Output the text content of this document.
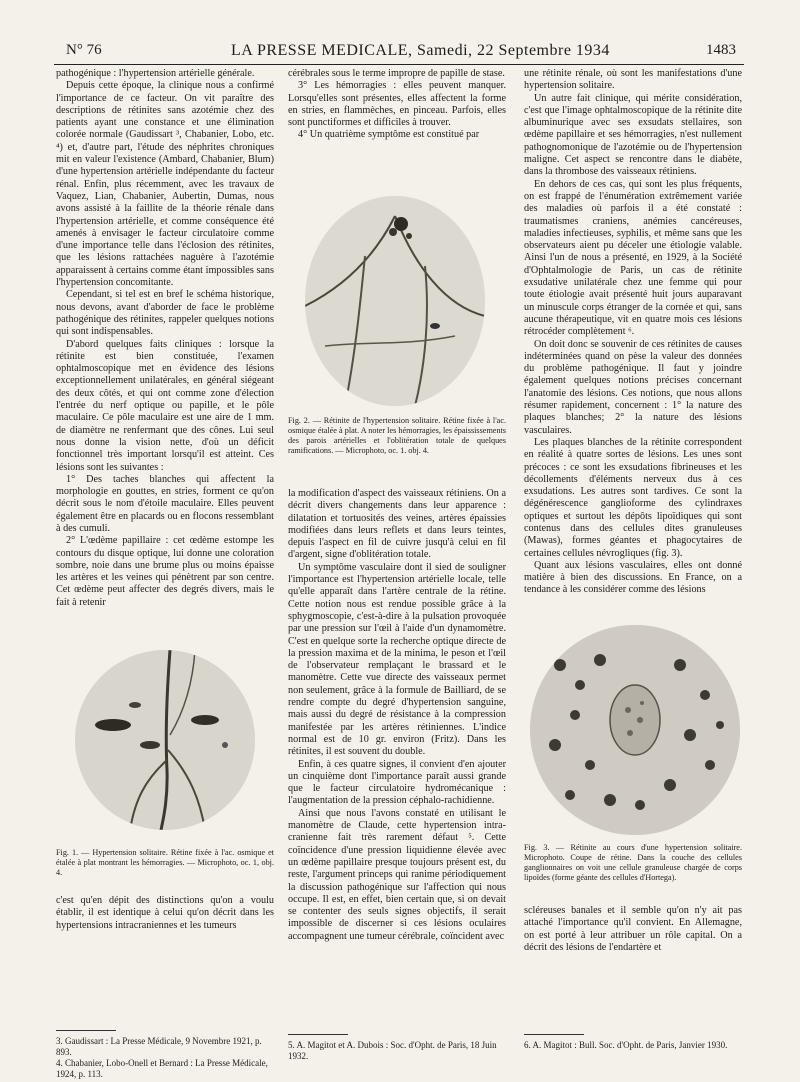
N° 76	LA PRESSE MEDICALE, Samedi, 22 Septembre 1934	1483

pathogénique : l'hypertension artérielle générale.

Depuis cette époque, la clinique nous a confirmé l'importance de ce facteur. On vit paraître des descriptions de rétinites sans azotémie chez des patients ayant une constance et une élimination colorée normale (Gaudissart ³, Chabanier, Lobo, etc. ⁴) et, d'autre part, l'étude des néphrites chroniques mit en valeur l'existence (Ambard, Chabanier, Blum) d'une hypertension artérielle indépendante du facteur rénal. Enfin, plus récemment, avec les travaux de Vaquez, Lian, Chabanier, Aubertin, Dumas, nous avons assisté à la faillite de la théorie rénale dans l'hypertension artérielle, et comme conséquence été amenés à envisager le facteur circulatoire comme d'une importance telle dans l'éclosion des rétinites, que les lésions rattachées naguère à l'azotémie apparaissent à certains comme étant impossibles sans l'hypertension concomitante.

Cependant, si tel est en bref le schéma historique, nous devons, avant d'aborder de face le problème pathogénique des rétinites, rappeler quelques notions qui sont indispensables.

D'abord quelques faits cliniques : lorsque la rétinite est bien constituée, l'examen ophtalmoscopique met en évidence des lésions exceptionnellement unilatérales, en général siégeant des deux côtés, et qui ont comme zone d'élection l'entrée du nerf optique ou papille, et le pôle maculaire. Ce pôle maculaire est une aire de 1 mm. de diamètre ne renfermant que des cônes. Lui seul nous donne la vision nette, d'où un déficit fonctionnel très important lorsqu'il est atteint. Ces lésions sont les suivantes :

1° Des taches blanches qui affectent la morphologie en gouttes, en stries, forment ce qu'on décrit sous le nom d'étoile maculaire. Elles peuvent également être en placards ou en flocons ressemblant à des cumuli.

2° L'œdème papillaire : cet œdème estompe les contours du disque optique, lui donne une coloration sombre, noie dans une brume plus ou moins épaisse les artères et les veines qui pénètrent par son centre. Cet œdème peut affecter des degrés divers, mais le fait à retenir

Fig. 1. — Hypertension solitaire. Rétine fixée à l'ac. osmique et étalée à plat montrant les hémorragies. — Microphoto, oc. 1, obj. 4.
c'est qu'en dépit des distinctions qu'on a voulu établir, il est identique à celui qu'on décrit dans les hypertensions intracraniennes et les tumeurs
3. Gaudissart : La Presse Médicale, 9 Novembre 1921, p. 893.
4. Chabanier, Lobo-Onell et Bernard : La Presse Médicale, 1924, p. 113.

cérébrales sous le terme impropre de papille de stase.

3° Les hémorragies : elles peuvent manquer. Lorsqu'elles sont présentes, elles affectent la forme en stries, en flammèches, en pinceau. Parfois, elles sont punctiformes et difficiles à trouver.

4° Un quatrième symptôme est constitué par

Fig. 2. — Rétinite de l'hypertension solitaire. Rétine fixée à l'ac. osmique étalée à plat. A noter les hémorragies, les épaississements des parois artérielles et l'oblitération totale de quelques ramifications. — Microphoto, oc. 1. obj. 4.

la modification d'aspect des vaisseaux rétiniens. On a décrit divers changements dans leur apparence : dilatation et tortuosités des veines, artères épaissies modifiées dans leurs reflets et dans leurs teintes, depuis l'aspect en fil de cuivre jusqu'à celui en fil d'argent, signe d'oblitération totale.

Un symptôme vasculaire dont il sied de souligner l'importance est l'hypertension artérielle locale, telle qu'elle apparaît dans l'artère centrale de la rétine. Cette notion nous est rendue possible grâce à la sphygmoscopie, c'est-à-dire à la pulsation provoquée par une pression sur l'œil à l'aide d'un dynamomètre. C'est en quelque sorte la recherche optique directe de la pression maxima et de la minima, le peson et l'œil de l'observateur remplaçant le brassard et le manomètre. Cette vue directe des vaisseaux permet non seulement, grâce à la formule de Bailliard, de se rendre compte du degré d'hypertension sanguine, mais aussi du degré de résistance à la compression manifestée par les artères rétiniennes. L'indice normal est de 10 gr. environ (Fritz). Dans les rétinites, il est souvent du double.

Enfin, à ces quatre signes, il convient d'en ajouter un cinquième dont l'importance paraît aussi grande que le facteur circulatoire hydromécanique : l'augmentation de la pression céphalo-rachidienne.

Ainsi que nous l'avons constaté en utilisant le manomètre de Claude, cette hypertension intra-cranienne fait très rarement défaut ⁵. Cette coïncidence d'une pression liquidienne élevée avec un œdème papillaire presque toujours présent est, du reste, l'argument princeps qui ranime périodiquement la discussion pathogénique sur l'affection qui nous occupe. Il est, en effet, bien certain que, si on devait se contenter des seuls signes objectifs, il serait impossible de discerner si ces lésions oculaires accompagnent une tumeur cérébrale, coïncident avec

5. A. Magitot et A. Dubois : Soc. d'Opht. de Paris, 18 Juin 1932.

une rétinite rénale, où sont les manifestations d'une hypertension solitaire.

Un autre fait clinique, qui mérite considération, c'est que l'image ophtalmoscopique de la rétinite dite albuminurique avec ses exsudats stellaires, son œdème papillaire et ses hémorragies, n'est nullement pathognomonique de l'azotémie ou de l'hypertension maligne. Cet aspect se rencontre dans le diabète, dans la thrombose des vaisseaux rétiniens.

En dehors de ces cas, qui sont les plus fréquents, on est frappé de l'énumération extrêmement variée des maladies où parfois il a été constaté : traumatismes craniens, anémies cancéreuses, maladies infectieuses, syphilis, et même sans que les observateurs aient pu déceler une étiologie valable. Ainsi l'un de nous a présenté, en 1929, à la Société d'Ophtalmologie de Paris, un cas de rétinite exsudative unilatérale chez une femme qui pour toute étiologie avait présenté huit jours auparavant un minuscule corps étranger de la cornée et qui, sans aucune thérapeutique, vit en quatre mois ces lésions rétrocéder complètement ⁶.

On doit donc se souvenir de ces rétinites de causes indéterminées quand on pèse la valeur des données du problème pathogénique. Il faut y joindre également quelques notions précises concernant l'anatomie des lésions. Ces notions, que nous allons résumer rapidement, concernent : 1° la nature des plaques blanches; 2° la nature des lésions vasculaires.

Les plaques blanches de la rétinite correspondent en réalité à quatre sortes de lésions. Les unes sont précoces : ce sont les exsudations fibrineuses et les décollements d'éléments nerveux dus à ces exsudations. Les autres sont tardives. Ce sont la dégénérescence ganglioforme des cylindraxes optiques et surtout les dépôts lipoïdiques qui sont contenus dans des cellules dites granuleuses (Mawas), formes géantes et phagocytaires de certaines cellules névrogliques (fig. 3).

Quant aux lésions vasculaires, elles ont donné matière à bien des discussions. En France, on a tendance à les considérer comme des lésions

Fig. 3. — Rétinite au cours d'une hypertension solitaire. Microphoto. Coupe de rétine. Dans la couche des cellules ganglionnaires on voit une cellule granuleuse chargée de corps lipoïdes (forme géante des cellules d'Hortega).
scléreuses banales et il semble qu'on n'y ait pas attaché l'importance qu'il convient. En Allemagne, on est porté à leur attribuer un rôle capital. On a décrit des lésions de l'endartère et
6. A. Magitot : Bull. Soc. d'Opht. de Paris, Janvier 1930.
